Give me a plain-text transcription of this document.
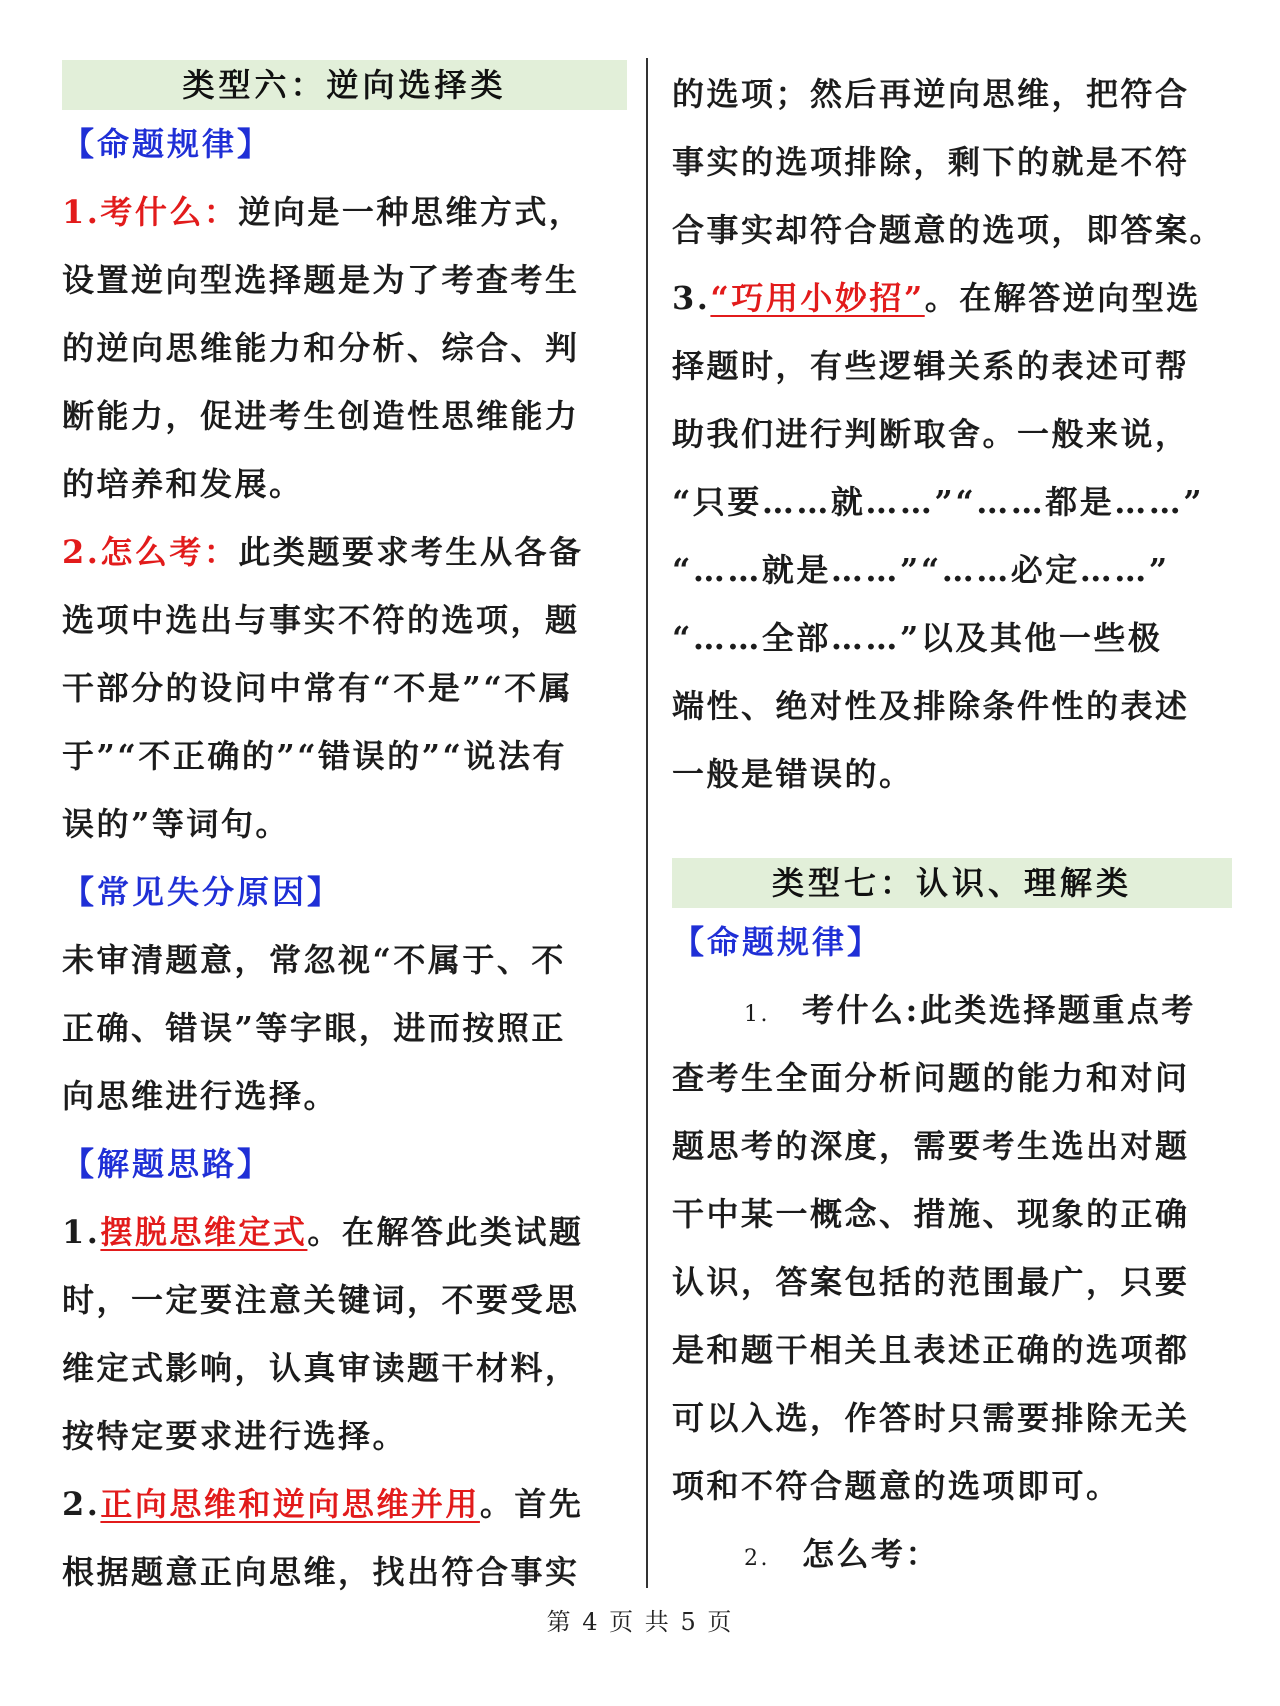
类型六：逆向选择类
【命题规律】
1.考什么：逆向是一种思维方式，
设置逆向型选择题是为了考查考生
的逆向思维能力和分析、综合、判
断能力，促进考生创造性思维能力
的培养和发展。
2.怎么考：此类题要求考生从各备
选项中选出与事实不符的选项，题
干部分的设问中常有“不是”“不属
于”“不正确的”“错误的”“说法有
误的”等词句。
【常见失分原因】
未审清题意，常忽视“不属于、不
正确、错误”等字眼，进而按照正
向思维进行选择。
【解题思路】
1.摆脱思维定式。在解答此类试题
时，一定要注意关键词，不要受思
维定式影响，认真审读题干材料，
按特定要求进行选择。
2.正向思维和逆向思维并用。首先
根据题意正向思维，找出符合事实
的选项；然后再逆向思维，把符合
事实的选项排除，剩下的就是不符
合事实却符合题意的选项，即答案。
3.“巧用小妙招”。在解答逆向型选
择题时，有些逻辑关系的表述可帮
助我们进行判断取舍。一般来说，
“只要……就……”“……都是……”
“……就是……”“……必定……”
“……全部……”以及其他一些极
端性、绝对性及排除条件性的表述
一般是错误的。
类型七：认识、理解类
【命题规律】
1. 考什么:此类选择题重点考
查考生全面分析问题的能力和对问
题思考的深度，需要考生选出对题
干中某一概念、措施、现象的正确
认识，答案包括的范围最广，只要
是和题干相关且表述正确的选项都
可以入选，作答时只需要排除无关
项和不符合题意的选项即可。
2. 怎么考：
第 4 页 共 5 页
